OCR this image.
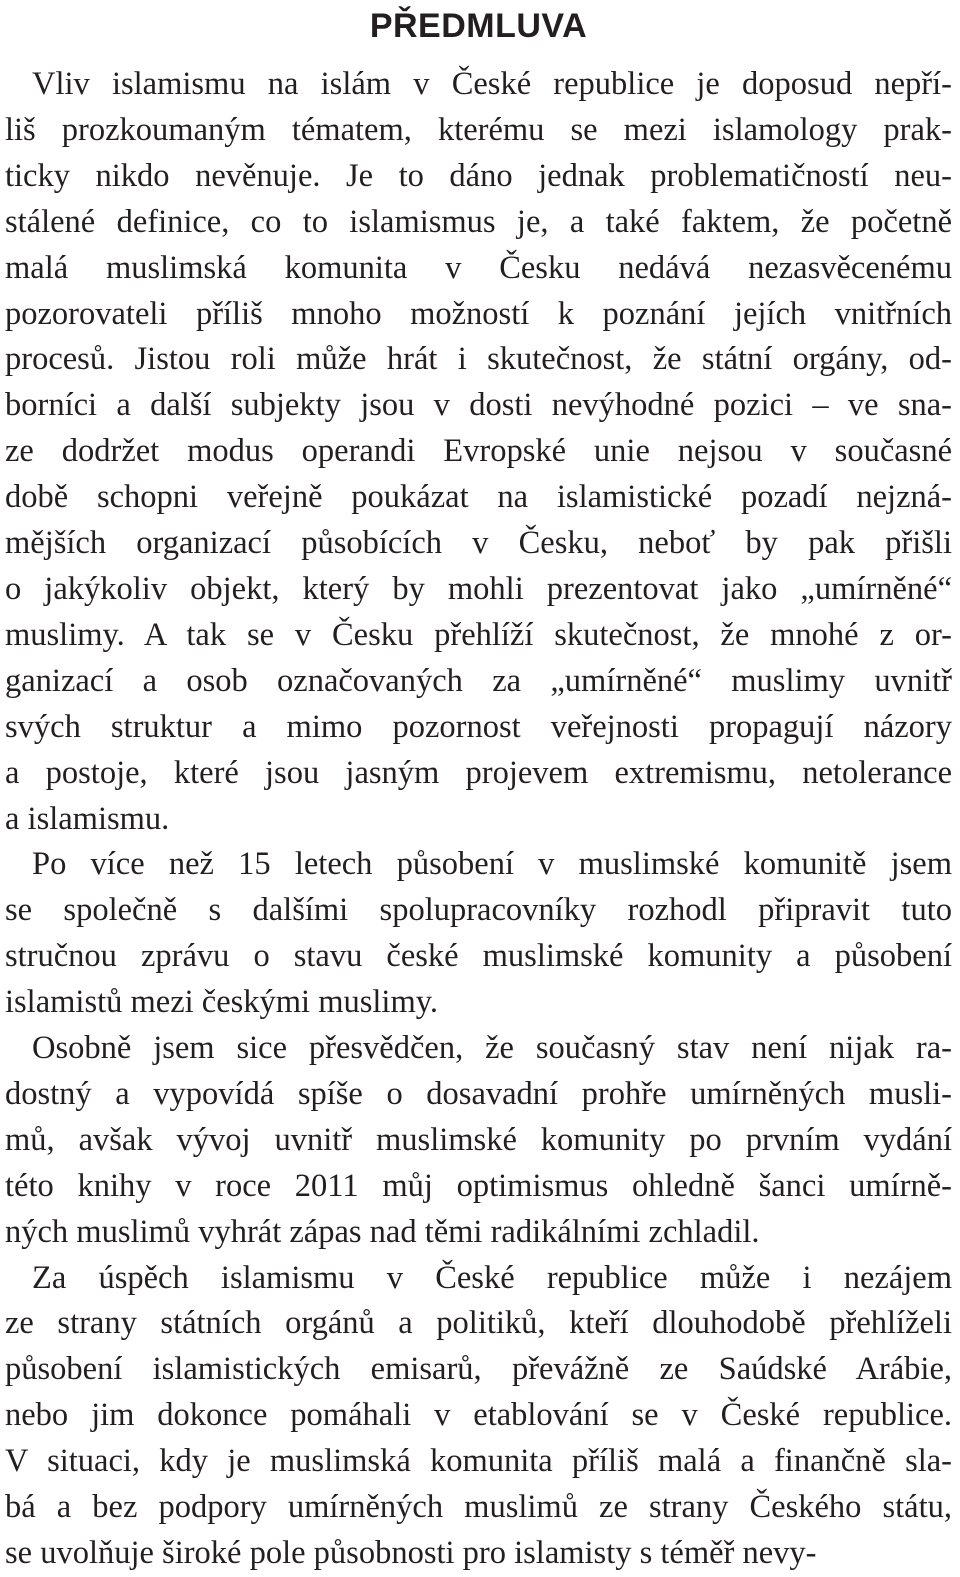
PŘEDMLUVA

Vliv islamismu na islám v České republice je doposud nepří-
liš prozkoumaným tématem, kterému se mezi islamology prak-
ticky nikdo nevěnuje. Je to dáno jednak problematičností neu-
stálené definice, co to islamismus je, a také faktem, že početně
malá muslimská komunita v Česku nedává nezasvěcenému
pozorovateli příliš mnoho možností k poznání jejích vnitřních
procesů. Jistou roli může hrát i skutečnost, že státní orgány, od-
borníci a další subjekty jsou v dosti nevýhodné pozici – ve sna-
ze dodržet modus operandi Evropské unie nejsou v současné
době schopni veřejně poukázat na islamistické pozadí nejzná-
mějších organizací působících v Česku, neboť by pak přišli
o jakýkoliv objekt, který by mohli prezentovat jako „umírněné“
muslimy. A tak se v Česku přehlíží skutečnost, že mnohé z or-
ganizací a osob označovaných za „umírněné“ muslimy uvnitř
svých struktur a mimo pozornost veřejnosti propagují názory
a postoje, které jsou jasným projevem extremismu, netolerance
a islamismu.

Po více než 15 letech působení v muslimské komunitě jsem
se společně s dalšími spolupracovníky rozhodl připravit tuto
stručnou zprávu o stavu české muslimské komunity a působení
islamistů mezi českými muslimy.

Osobně jsem sice přesvědčen, že současný stav není nijak ra-
dostný a vypovídá spíše o dosavadní prohře umírněných musli-
mů, avšak vývoj uvnitř muslimské komunity po prvním vydání
této knihy v roce 2011 můj optimismus ohledně šanci umírně-
ných muslimů vyhrát zápas nad těmi radikálními zchladil.

Za úspěch islamismu v České republice může i nezájem
ze strany státních orgánů a politiků, kteří dlouhodobě přehlíželi
působení islamistických emisarů, převážně ze Saúdské Arábie,
nebo jim dokonce pomáhali v etablování se v České republice.
V situaci, kdy je muslimská komunita příliš malá a finančně sla-
bá a bez podpory umírněných muslimů ze strany Českého státu,
se uvolňuje široké pole působnosti pro islamisty s téměř nevy-
